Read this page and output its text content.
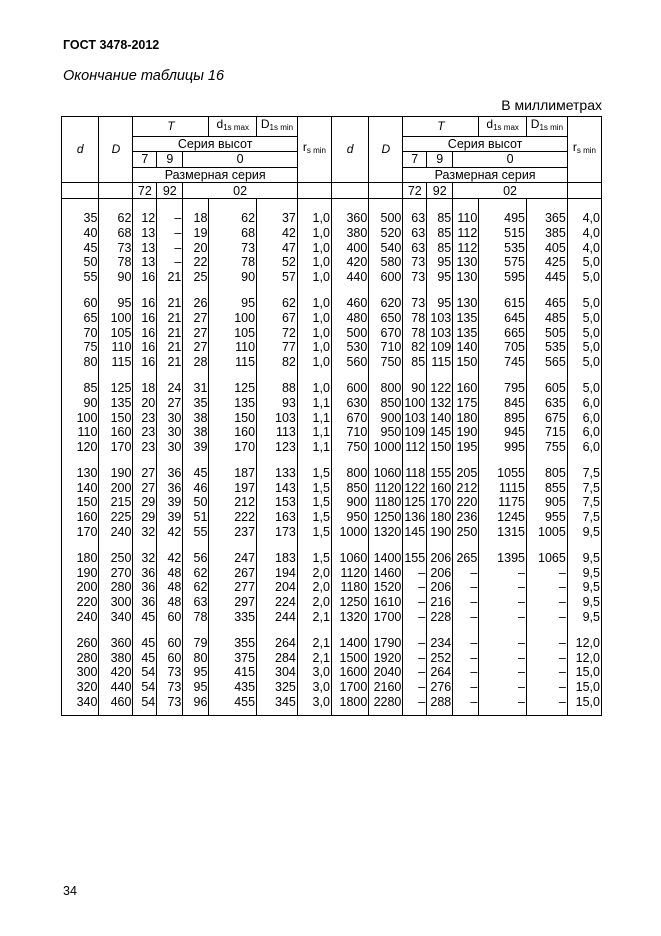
ГОСТ 3478-2012
Окончание таблицы 16
В миллиметрах
d	D	T			$d_{1s max}$	$D_{1s min}$	$r_{s min}$	d	D	T			$d_{1s max}$	$D_{1s min}$	$r_{s min}$
		Серия высот								Серия высот					
		7	9	0						7	9	0			
		Размерная серия								Размерная серия					
		72	92	02						72	92	02			

35	62	12	–	18	62	37	1,0	360	500	63	85	110	495	365	4,0
40	68	13	–	19	68	42	1,0	380	520	63	85	112	515	385	4,0
45	73	13	–	20	73	47	1,0	400	540	63	85	112	535	405	4,0
50	78	13	–	22	78	52	1,0	420	580	73	95	130	575	425	5,0
55	90	16	21	25	90	57	1,0	440	600	73	95	130	595	445	5,0

60	95	16	21	26	95	62	1,0	460	620	73	95	130	615	465	5,0
65	100	16	21	27	100	67	1,0	480	650	78	103	135	645	485	5,0
70	105	16	21	27	105	72	1,0	500	670	78	103	135	665	505	5,0
75	110	16	21	27	110	77	1,0	530	710	82	109	140	705	535	5,0
80	115	16	21	28	115	82	1,0	560	750	85	115	150	745	565	5,0

85	125	18	24	31	125	88	1,0	600	800	90	122	160	795	605	5,0
90	135	20	27	35	135	93	1,1	630	850	100	132	175	845	635	6,0
100	150	23	30	38	150	103	1,1	670	900	103	140	180	895	675	6,0
110	160	23	30	38	160	113	1,1	710	950	109	145	190	945	715	6,0
120	170	23	30	39	170	123	1,1	750	1000	112	150	195	995	755	6,0

130	190	27	36	45	187	133	1,5	800	1060	118	155	205	1055	805	7,5
140	200	27	36	46	197	143	1,5	850	1120	122	160	212	1115	855	7,5
150	215	29	39	50	212	153	1,5	900	1180	125	170	220	1175	905	7,5
160	225	29	39	51	222	163	1,5	950	1250	136	180	236	1245	955	7,5
170	240	32	42	55	237	173	1,5	1000	1320	145	190	250	1315	1005	9,5

180	250	32	42	56	247	183	1,5	1060	1400	155	206	265	1395	1065	9,5
190	270	36	48	62	267	194	2,0	1120	1460	–	206	–	–	–	9,5
200	280	36	48	62	277	204	2,0	1180	1520	–	206	–	–	–	9,5
220	300	36	48	63	297	224	2,0	1250	1610	–	216	–	–	–	9,5
240	340	45	60	78	335	244	2,1	1320	1700	–	228	–	–	–	9,5

260	360	45	60	79	355	264	2,1	1400	1790	–	234	–	–	–	12,0
280	380	45	60	80	375	284	2,1	1500	1920	–	252	–	–	–	12,0
300	420	54	73	95	415	304	3,0	1600	2040	–	264	–	–	–	15,0
320	440	54	73	95	435	325	3,0	1700	2160	–	276	–	–	–	15,0
340	460	54	73	96	455	345	3,0	1800	2280	–	288	–	–	–	15,0
34
